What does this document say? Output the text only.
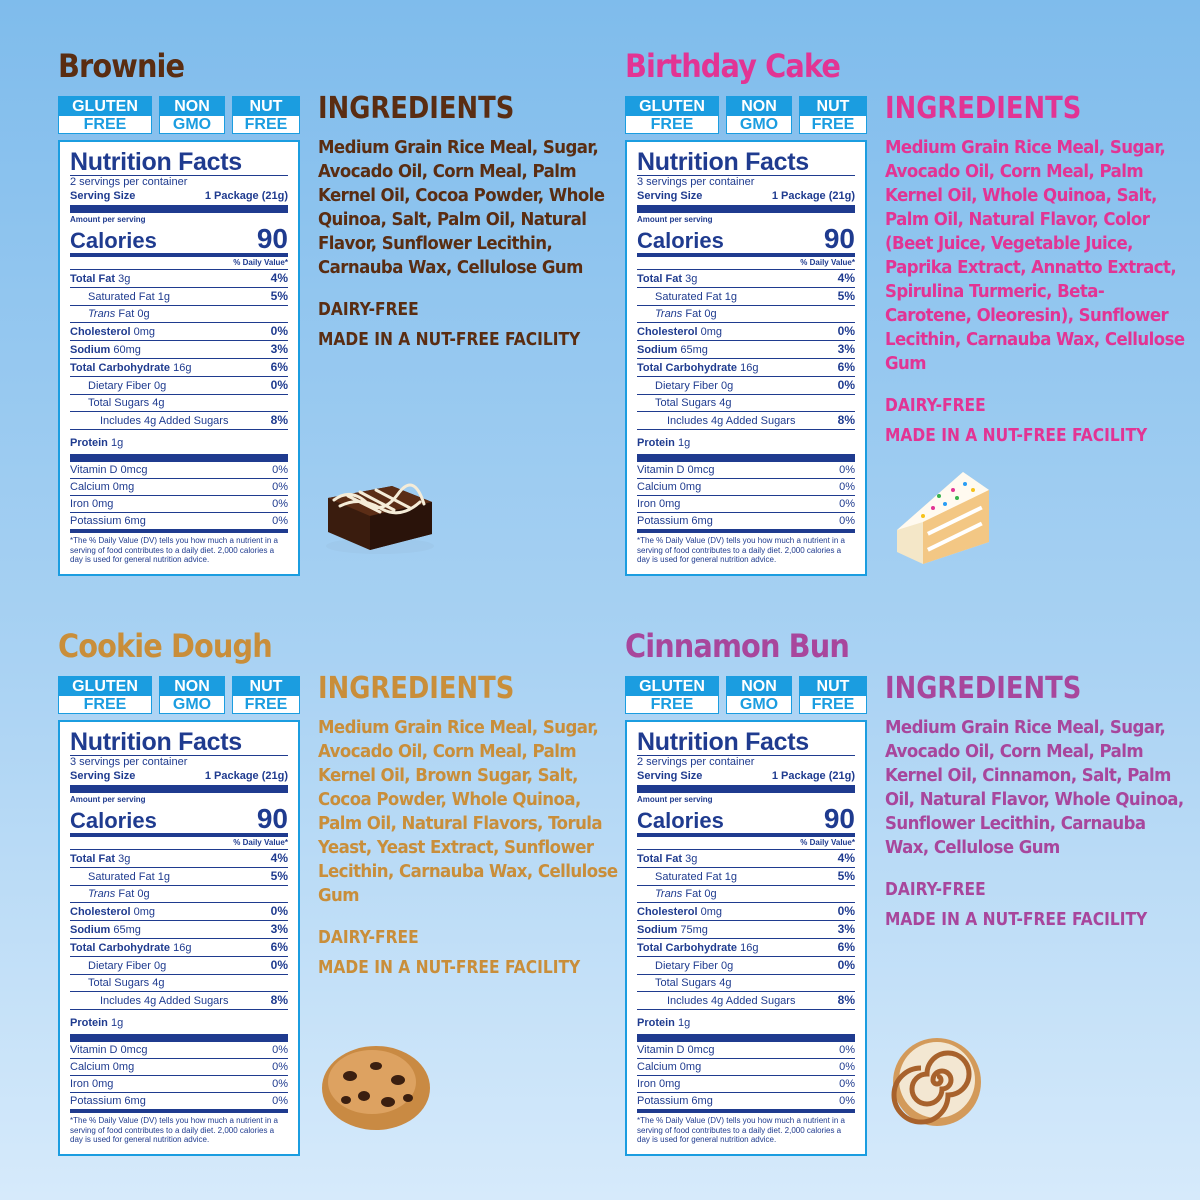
Brownie
GLUTEN
FREE
NON
GMO
NUT
FREE
Nutrition Facts
2 servings per container
Serving Size	1 Package (21g)
Amount per serving
Calories	90
% Daily Value*
Total Fat 3g	4%
Saturated Fat 1g	5%
Trans Fat 0g
Cholesterol 0mg	0%
Sodium 60mg	3%
Total Carbohydrate 16g	6%
Dietary Fiber 0g	0%
Total Sugars 4g
Includes 4g Added Sugars	8%
Protein 1g
Vitamin D 0mcg	0%
Calcium 0mg	0%
Iron 0mg	0%
Potassium 6mg	0%
*The % Daily Value (DV) tells you how much a nutrient in a serving of food contributes to a daily diet. 2,000 calories a day is used for general nutrition advice.
INGREDIENTS

Medium Grain Rice Meal, Sugar, Avocado Oil, Corn Meal, Palm Kernel Oil, Cocoa Powder, Whole Quinoa, Salt, Palm Oil, Natural Flavor, Sunflower Lecithin, Carnauba Wax, Cellulose Gum

DAIRY-FREE

MADE IN A NUT-FREE FACILITY

Birthday Cake
GLUTEN
FREE
NON
GMO
NUT
FREE
Nutrition Facts
3 servings per container
Serving Size	1 Package (21g)
Amount per serving
Calories	90
% Daily Value*
Total Fat 3g	4%
Saturated Fat 1g	5%
Trans Fat 0g
Cholesterol 0mg	0%
Sodium 65mg	3%
Total Carbohydrate 16g	6%
Dietary Fiber 0g	0%
Total Sugars 4g
Includes 4g Added Sugars	8%
Protein 1g
Vitamin D 0mcg	0%
Calcium 0mg	0%
Iron 0mg	0%
Potassium 6mg	0%
*The % Daily Value (DV) tells you how much a nutrient in a serving of food contributes to a daily diet. 2,000 calories a day is used for general nutrition advice.
INGREDIENTS

Medium Grain Rice Meal, Sugar, Avocado Oil, Corn Meal, Palm Kernel Oil, Whole Quinoa, Salt, Palm Oil, Natural Flavor, Color (Beet Juice, Vegetable Juice, Paprika Extract, Annatto Extract, Spirulina Turmeric, Beta-Carotene, Oleoresin), Sunflower Lecithin, Carnauba Wax, Cellulose Gum

DAIRY-FREE

MADE IN A NUT-FREE FACILITY

Cookie Dough
GLUTEN
FREE
NON
GMO
NUT
FREE
Nutrition Facts
3 servings per container
Serving Size	1 Package (21g)
Amount per serving
Calories	90
% Daily Value*
Total Fat 3g	4%
Saturated Fat 1g	5%
Trans Fat 0g
Cholesterol 0mg	0%
Sodium 65mg	3%
Total Carbohydrate 16g	6%
Dietary Fiber 0g	0%
Total Sugars 4g
Includes 4g Added Sugars	8%
Protein 1g
Vitamin D 0mcg	0%
Calcium 0mg	0%
Iron 0mg	0%
Potassium 6mg	0%
*The % Daily Value (DV) tells you how much a nutrient in a serving of food contributes to a daily diet. 2,000 calories a day is used for general nutrition advice.
INGREDIENTS

Medium Grain Rice Meal, Sugar, Avocado Oil, Corn Meal, Palm Kernel Oil, Brown Sugar, Salt, Cocoa Powder, Whole Quinoa, Palm Oil, Natural Flavors, Torula Yeast, Yeast Extract, Sunflower Lecithin, Carnauba Wax, Cellulose Gum

DAIRY-FREE

MADE IN A NUT-FREE FACILITY

Cinnamon Bun
GLUTEN
FREE
NON
GMO
NUT
FREE
Nutrition Facts
2 servings per container
Serving Size	1 Package (21g)
Amount per serving
Calories	90
% Daily Value*
Total Fat 3g	4%
Saturated Fat 1g	5%
Trans Fat 0g
Cholesterol 0mg	0%
Sodium 75mg	3%
Total Carbohydrate 16g	6%
Dietary Fiber 0g	0%
Total Sugars 4g
Includes 4g Added Sugars	8%
Protein 1g
Vitamin D 0mcg	0%
Calcium 0mg	0%
Iron 0mg	0%
Potassium 6mg	0%
*The % Daily Value (DV) tells you how much a nutrient in a serving of food contributes to a daily diet. 2,000 calories a day is used for general nutrition advice.
INGREDIENTS

Medium Grain Rice Meal, Sugar, Avocado Oil, Corn Meal, Palm Kernel Oil, Cinnamon, Salt, Palm Oil, Natural Flavor, Whole Quinoa, Sunflower Lecithin, Carnauba Wax, Cellulose Gum

DAIRY-FREE

MADE IN A NUT-FREE FACILITY
